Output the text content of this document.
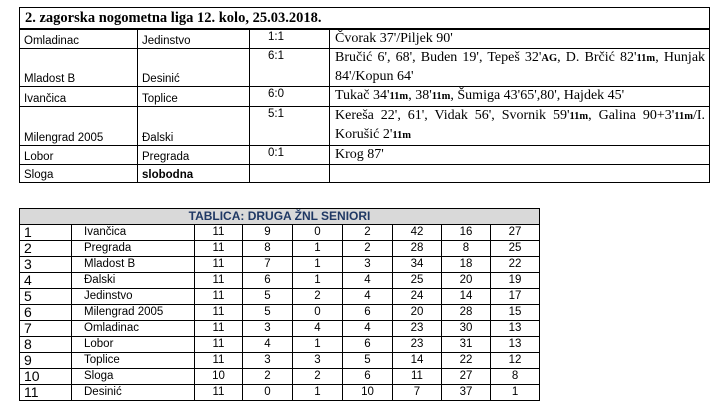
2. zagorska nogometna liga 12. kolo, 25.03.2018.			
Omladinac	Jedinstvo	1:1	Čvorak 37'/Piljek 90'
Mladost B	Desinić	6:1	Bručić 6', 68', Buden 19', Tepeš 32'AG, D. Brčić 82'11m, Hunjak 84'/Kopun 64'
Ivančica	Toplice	6:0	Tukač 34'11m, 38'11m, Šumiga 43'65',80', Hajdek 45'
Milengrad 2005	Đalski	5:1	Kereša 22', 61', Vidak 56', Svornik 59'11m, Galina 90+3'11m/I. Korušić 2'11m
Lobor	Pregrada	0:1	Krog 87'
Sloga	slobodna		
TABLICA: DRUGA ŽNL SENIORI								
1	Ivančica	11	9	0	2	42	16	27
2	Pregrada	11	8	1	2	28	8	25
3	Mladost B	11	7	1	3	34	18	22
4	Đalski	11	6	1	4	25	20	19
5	Jedinstvo	11	5	2	4	24	14	17
6	Milengrad 2005	11	5	0	6	20	28	15
7	Omladinac	11	3	4	4	23	30	13
8	Lobor	11	4	1	6	23	31	13
9	Toplice	11	3	3	5	14	22	12
10	Sloga	10	2	2	6	11	27	8
11	Desinić	11	0	1	10	7	37	1
